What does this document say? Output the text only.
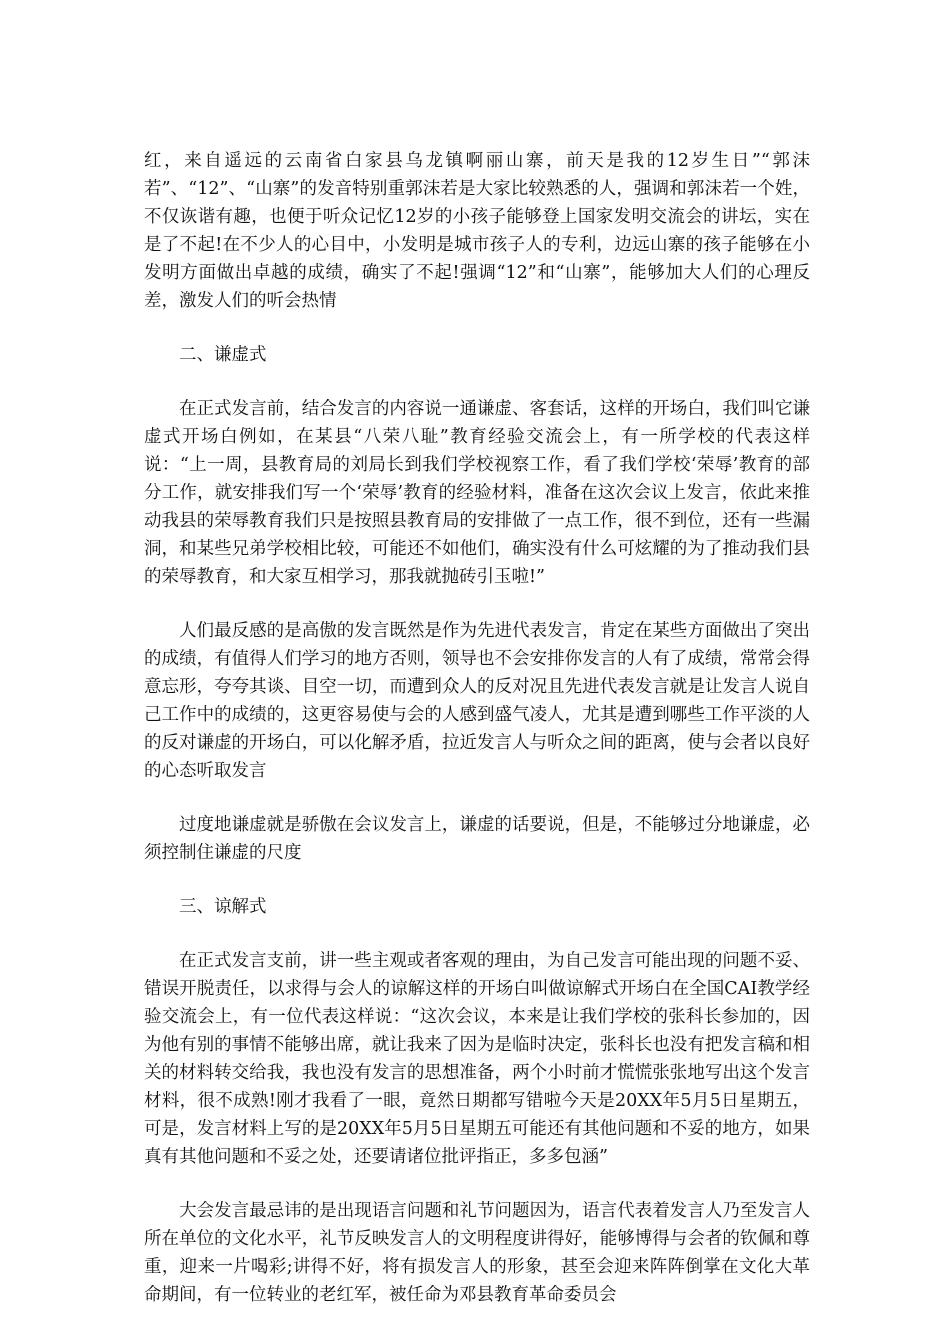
红，来自遥远的云南省白家县乌龙镇啊丽山寨，前天是我的12岁生日”“郭沫若”、“12”、“山寨”的发音特别重郭沫若是大家比较熟悉的人，强调和郭沫若一个姓，不仅诙谐有趣，也便于听众记忆12岁的小孩子能够登上国家发明交流会的讲坛，实在是了不起!在不少人的心目中，小发明是城市孩子人的专利，边远山寨的孩子能够在小发明方面做出卓越的成绩，确实了不起!强调“12”和“山寨”，能够加大人们的心理反差，激发人们的听会热情

二、谦虚式

在正式发言前，结合发言的内容说一通谦虚、客套话，这样的开场白，我们叫它谦虚式开场白例如，在某县“八荣八耻”教育经验交流会上，有一所学校的代表这样说：“上一周，县教育局的刘局长到我们学校视察工作，看了我们学校‘荣辱’教育的部分工作，就安排我们写一个‘荣辱’教育的经验材料，准备在这次会议上发言，依此来推动我县的荣辱教育我们只是按照县教育局的安排做了一点工作，很不到位，还有一些漏洞，和某些兄弟学校相比较，可能还不如他们，确实没有什么可炫耀的为了推动我们县的荣辱教育，和大家互相学习，那我就抛砖引玉啦!”

人们最反感的是高傲的发言既然是作为先进代表发言，肯定在某些方面做出了突出的成绩，有值得人们学习的地方否则，领导也不会安排你发言的人有了成绩，常常会得意忘形，夸夸其谈、目空一切，而遭到众人的反对况且先进代表发言就是让发言人说自己工作中的成绩的，这更容易使与会的人感到盛气凌人，尤其是遭到哪些工作平淡的人的反对谦虚的开场白，可以化解矛盾，拉近发言人与听众之间的距离，使与会者以良好的心态听取发言

过度地谦虚就是骄傲在会议发言上，谦虚的话要说，但是，不能够过分地谦虚，必须控制住谦虚的尺度

三、谅解式

在正式发言支前，讲一些主观或者客观的理由，为自己发言可能出现的问题不妥、错误开脱责任，以求得与会人的谅解这样的开场白叫做谅解式开场白在全国CAI教学经验交流会上，有一位代表这样说：“这次会议，本来是让我们学校的张科长参加的，因为他有别的事情不能够出席，就让我来了因为是临时决定，张科长也没有把发言稿和相关的材料转交给我，我也没有发言的思想准备，两个小时前才慌慌张张地写出这个发言材料，很不成熟!刚才我看了一眼，竟然日期都写错啦今天是20XX年5月5日星期五，可是，发言材料上写的是20XX年5月5日星期五可能还有其他问题和不妥的地方，如果真有其他问题和不妥之处，还要请诸位批评指正，多多包涵”

大会发言最忌讳的是出现语言问题和礼节问题因为，语言代表着发言人乃至发言人所在单位的文化水平，礼节反映发言人的文明程度讲得好，能够博得与会者的钦佩和尊重，迎来一片喝彩;讲得不好，将有损发言人的形象，甚至会迎来阵阵倒掌在文化大革命期间，有一位转业的老红军，被任命为邓县教育革命委员会
